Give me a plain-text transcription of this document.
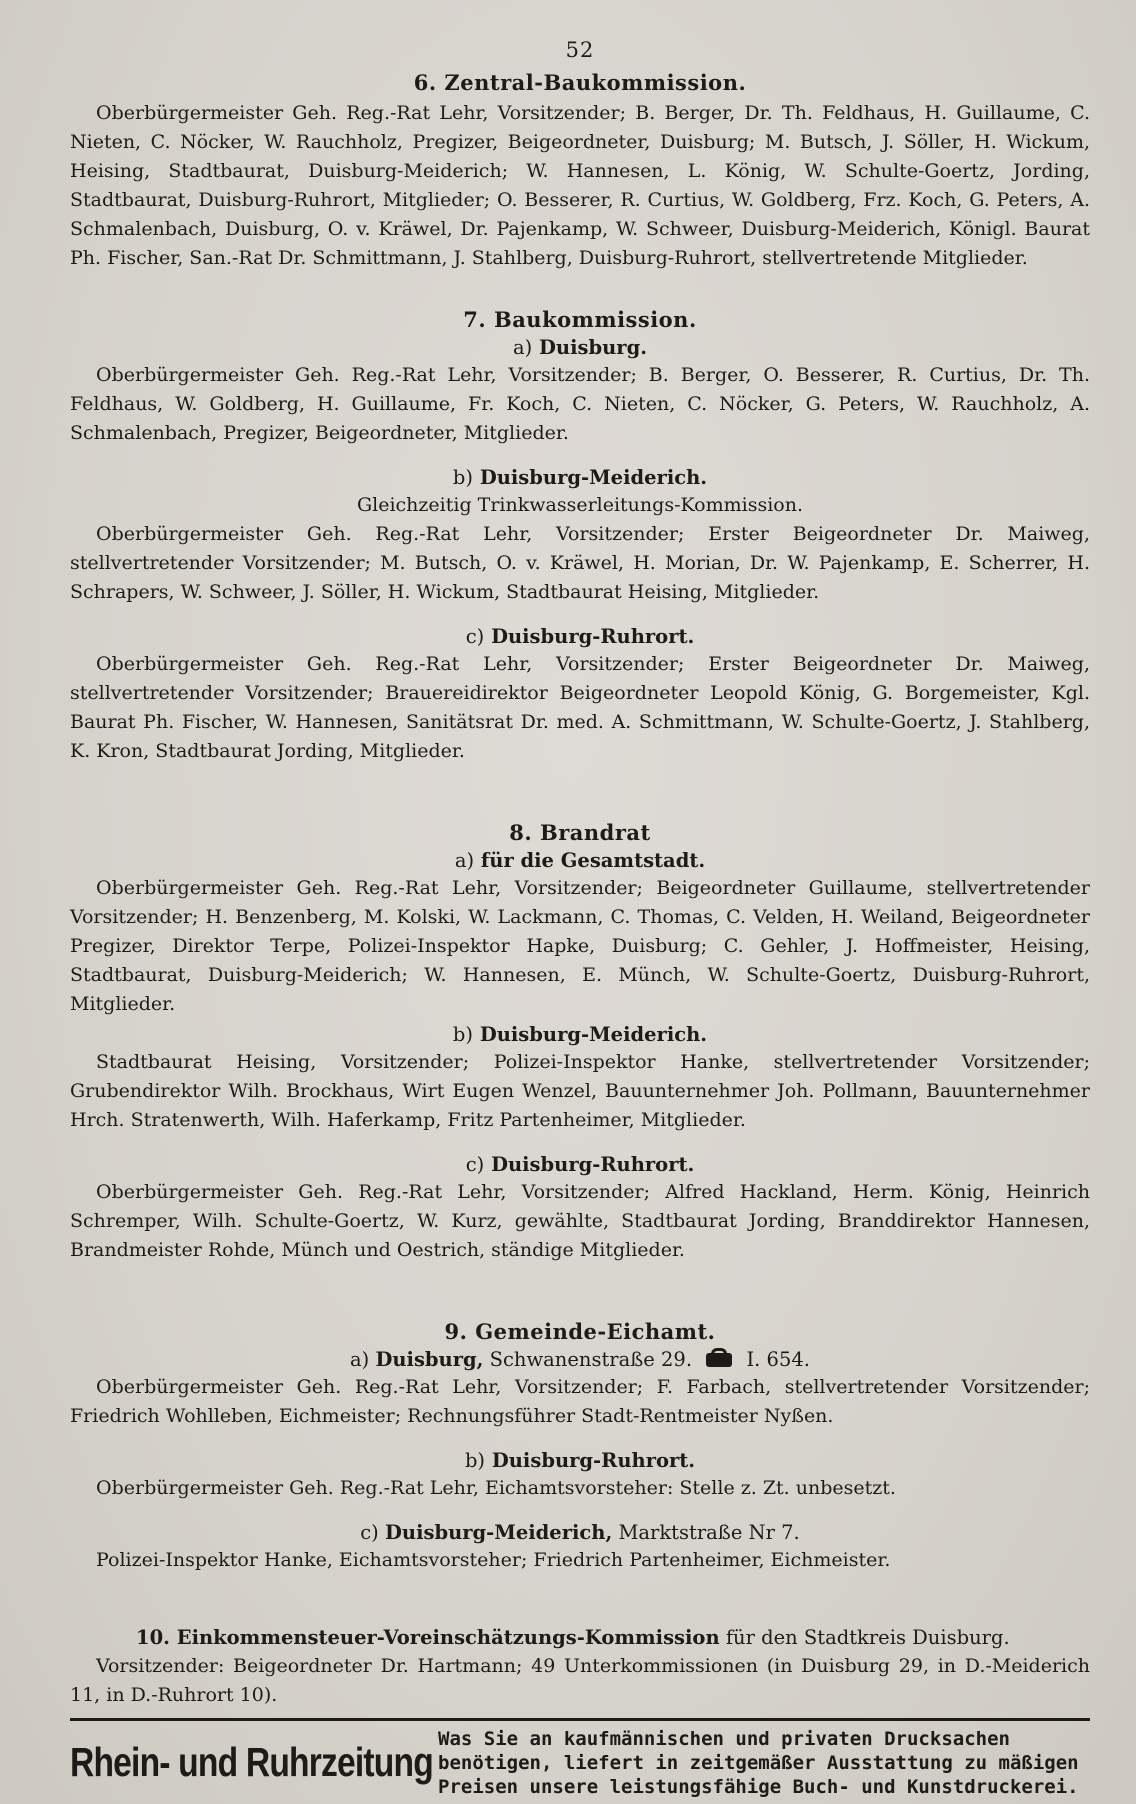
52
6. Zentral-Baukommission.

Oberbürgermeister Geh. Reg.-Rat Lehr, Vorsitzender; B. Berger, Dr. Th. Feldhaus, H. Guillaume, C. Nieten, C. Nöcker, W. Rauchholz, Pregizer, Beigeordneter, Duisburg; M. Butsch, J. Söller, H. Wickum, Heising, Stadtbaurat, Duisburg-Meiderich; W. Hannesen, L. König, W. Schulte-Goertz, Jording, Stadtbaurat, Duisburg-Ruhrort, Mitglieder; O. Besserer, R. Curtius, W. Goldberg, Frz. Koch, G. Peters, A. Schmalenbach, Duisburg, O. v. Kräwel, Dr. Pajenkamp, W. Schweer, Duisburg-Meiderich, Königl. Baurat Ph. Fischer, San.-Rat Dr. Schmittmann, J. Stahlberg, Duisburg-Ruhrort, stellvertretende Mitglieder.

7. Baukommission.
a) Duisburg.

Oberbürgermeister Geh. Reg.-Rat Lehr, Vorsitzender; B. Berger, O. Besserer, R. Curtius, Dr. Th. Feldhaus, W. Goldberg, H. Guillaume, Fr. Koch, C. Nieten, C. Nöcker, G. Peters, W. Rauchholz, A. Schmalenbach, Pregizer, Beigeordneter, Mitglieder.

b) Duisburg-Meiderich.
Gleichzeitig Trinkwasserleitungs-Kommission.

Oberbürgermeister Geh. Reg.-Rat Lehr, Vorsitzender; Erster Beigeordneter Dr. Maiweg, stellvertretender Vorsitzender; M. Butsch, O. v. Kräwel, H. Morian, Dr. W. Pajenkamp, E. Scherrer, H. Schrapers, W. Schweer, J. Söller, H. Wickum, Stadtbaurat Heising, Mitglieder.

c) Duisburg-Ruhrort.

Oberbürgermeister Geh. Reg.-Rat Lehr, Vorsitzender; Erster Beigeordneter Dr. Maiweg, stellvertretender Vorsitzender; Brauereidirektor Beigeordneter Leopold König, G. Borgemeister, Kgl. Baurat Ph. Fischer, W. Hannesen, Sanitätsrat Dr. med. A. Schmittmann, W. Schulte-Goertz, J. Stahlberg, K. Kron, Stadtbaurat Jording, Mitglieder.

8. Brandrat
a) für die Gesamtstadt.

Oberbürgermeister Geh. Reg.-Rat Lehr, Vorsitzender; Beigeordneter Guillaume, stellvertretender Vorsitzender; H. Benzenberg, M. Kolski, W. Lackmann, C. Thomas, C. Velden, H. Weiland, Beigeordneter Pregizer, Direktor Terpe, Polizei-Inspektor Hapke, Duisburg; C. Gehler, J. Hoffmeister, Heising, Stadtbaurat, Duisburg-Meiderich; W. Hannesen, E. Münch, W. Schulte-Goertz, Duisburg-Ruhrort, Mitglieder.

b) Duisburg-Meiderich.

Stadtbaurat Heising, Vorsitzender; Polizei-Inspektor Hanke, stellvertretender Vorsitzender; Grubendirektor Wilh. Brockhaus, Wirt Eugen Wenzel, Bauunternehmer Joh. Pollmann, Bauunternehmer Hrch. Stratenwerth, Wilh. Haferkamp, Fritz Partenheimer, Mitglieder.

c) Duisburg-Ruhrort.

Oberbürgermeister Geh. Reg.-Rat Lehr, Vorsitzender; Alfred Hackland, Herm. König, Heinrich Schremper, Wilh. Schulte-Goertz, W. Kurz, gewählte, Stadtbaurat Jording, Branddirektor Hannesen, Brandmeister Rohde, Münch und Oestrich, ständige Mitglieder.

9. Gemeinde-Eichamt.
a) Duisburg, Schwanenstraße 29.	I. 654.

Oberbürgermeister Geh. Reg.-Rat Lehr, Vorsitzender; F. Farbach, stellvertretender Vorsitzender; Friedrich Wohlleben, Eichmeister; Rechnungsführer Stadt-Rentmeister Nyßen.

b) Duisburg-Ruhrort.

Oberbürgermeister Geh. Reg.-Rat Lehr, Eichamtsvorsteher: Stelle z. Zt. unbesetzt.

c) Duisburg-Meiderich, Marktstraße Nr 7.

Polizei-Inspektor Hanke, Eichamtsvorsteher; Friedrich Partenheimer, Eichmeister.

10. Einkommensteuer-Voreinschätzungs-Kommission für den Stadtkreis Duisburg.

Vorsitzender: Beigeordneter Dr. Hartmann; 49 Unterkommissionen (in Duisburg 29, in D.-Meiderich 11, in D.-Ruhrort 10).

Rhein- und Ruhrzeitung Was Sie an kaufmännischen und privaten Drucksachen
benötigen, liefert in zeitgemäßer Ausstattung zu mäßigen
Preisen unsere leistungsfähige Buch- und Kunstdruckerei.
